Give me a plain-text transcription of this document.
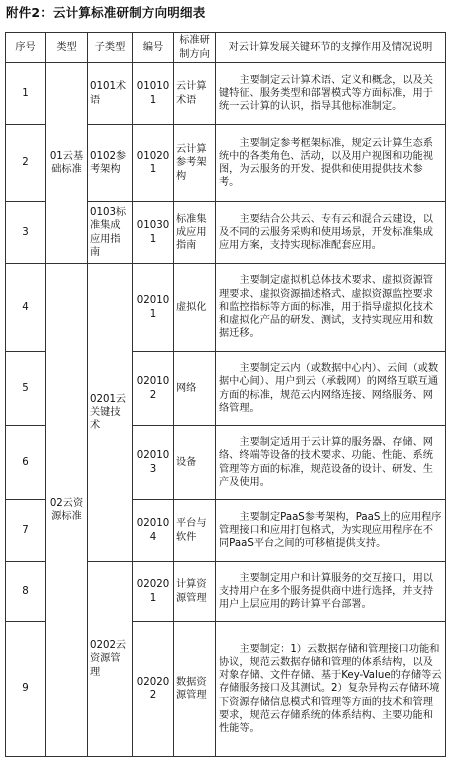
附件2：云计算标准研制方向明细表
序号	类型	子类型	编号	标准研制方向	对云计算发展关键环节的支撑作用及情况说明
1	01云基础标准	0101术语	010101	云计算术语	主要制定云计算术语、定义和概念，以及关键特征、服务类型和部署模式等方面标准，用于统一云计算的认识，指导其他标准制定。
2		0102参考架构	010201	云计算参考架构	主要制定参考框架标准，规定云计算生态系统中的各类角色、活动，以及用户视图和功能视图，为云服务的开发、提供和使用提供技术参考。
3		0103标准集成应用指南	010301	标准集成应用指南	主要结合公共云、专有云和混合云建设，以及不同的云服务采购和使用场景，开发标准集成应用方案，支持实现标准配套应用。
4	02云资源标准	0201云关键技术	020101	虚拟化	主要制定虚拟机总体技术要求、虚拟资源管理要求、虚拟资源描述格式、虚拟资源监控要求和监控指标等方面的标准，用于指导虚拟化技术和虚拟化产品的研发、测试，支持实现应用和数据迁移。
5			020102	网络	主要制定云内（或数据中心内）、云间（或数据中心间）、用户到云（承载网）的网络互联互通方面的标准，规范云内网络连接、网络服务、网络管理。
6			020103	设备	主要制定适用于云计算的服务器、存储、网络、终端等设备的技术要求、功能、性能、系统管理等方面的标准，规范设备的设计、研发、生产及使用。
7			020104	平台与软件	主要制定PaaS参考架构，PaaS上的应用程序管理接口和应用打包格式，为实现应用程序在不同PaaS平台之间的可移植提供支持。
8		0202云资源管理	020201	计算资源管理	主要制定用户和计算服务的交互接口，用以支持用户在多个服务提供商中进行选择，并支持用户上层应用的跨计算平台部署。
9			020202	数据资源管理	主要制定：1）云数据存储和管理接口功能和协议，规范云数据存储和管理的体系结构，以及对象存储、文件存储、基于Key-Value的存储等云存储服务接口及其测试。2）复杂异构云存储环境下资源存储信息模式和管理等方面的技术和管理要求，规范云存储系统的体系结构、主要功能和性能等。
